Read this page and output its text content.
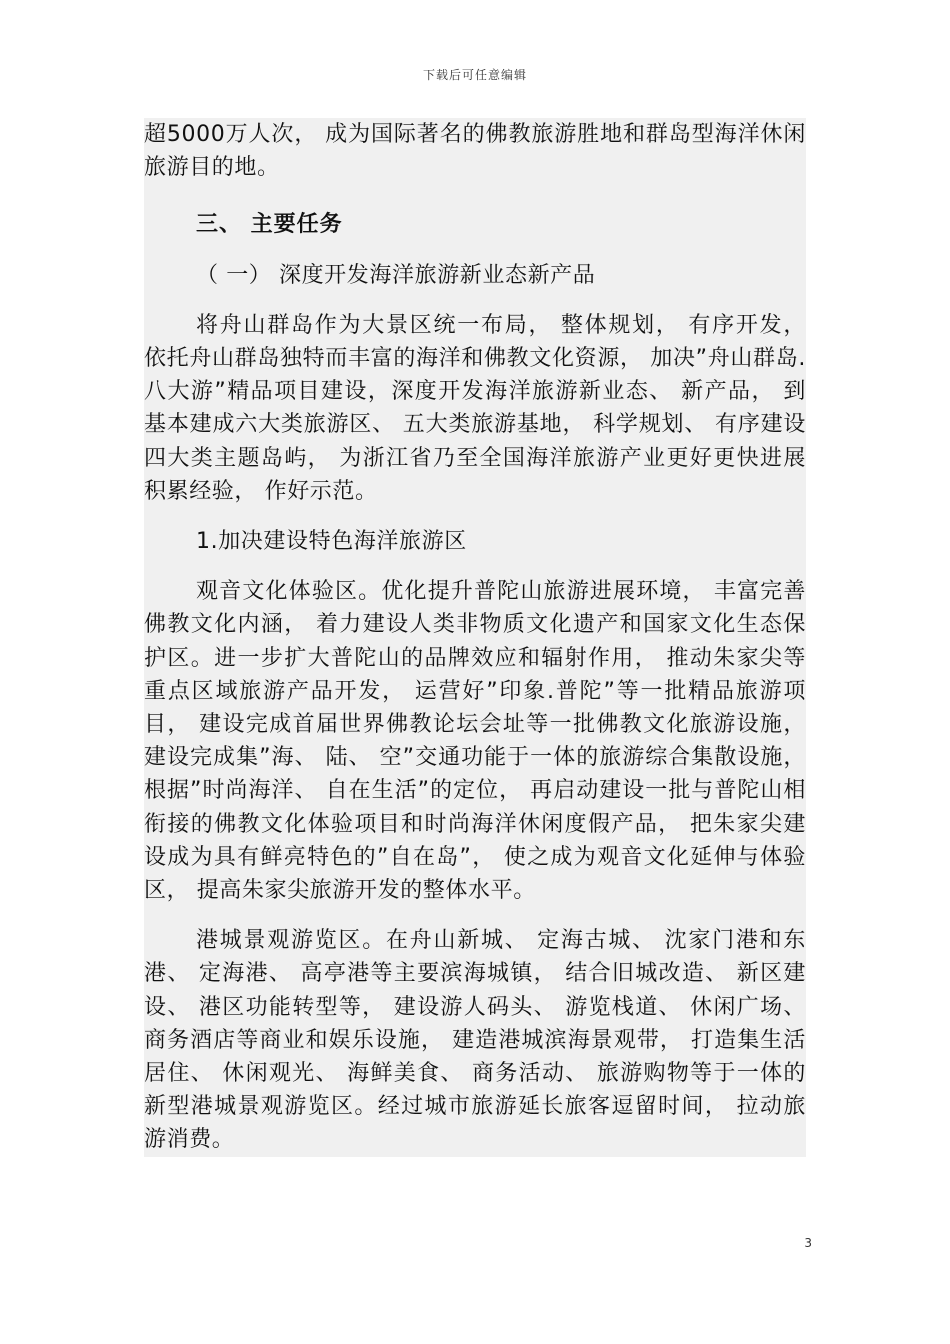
下载后可任意编辑

超5000万人次， 成为国际著名的佛教旅游胜地和群岛型海洋休闲旅游目的地。

三、 主要任务

（ 一） 深度开发海洋旅游新业态新产品

将舟山群岛作为大景区统一布局， 整体规划， 有序开发， 依托舟山群岛独特而丰富的海洋和佛教文化资源， 加决”舟山群岛.八大游”精品项目建设，深度开发海洋旅游新业态、 新产品， 到 基本建成六大类旅游区、 五大类旅游基地， 科学规划、 有序建设四大类主题岛屿， 为浙江省乃至全国海洋旅游产业更好更快进展积累经验， 作好示范。

1.加决建设特色海洋旅游区

观音文化体验区。优化提升普陀山旅游进展环境， 丰富完善佛教文化内涵， 着力建设人类非物质文化遗产和国家文化生态保护区。进一步扩大普陀山的品牌效应和辐射作用， 推动朱家尖等重点区域旅游产品开发， 运营好”印象.普陀”等一批精品旅游项目， 建设完成首届世界佛教论坛会址等一批佛教文化旅游设施， 建设完成集”海、 陆、 空”交通功能于一体的旅游综合集散设施， 根据”时尚海洋、 自在生活”的定位， 再启动建设一批与普陀山相衔接的佛教文化体验项目和时尚海洋休闲度假产品， 把朱家尖建设成为具有鲜亮特色的”自在岛”， 使之成为观音文化延伸与体验区， 提高朱家尖旅游开发的整体水平。

港城景观游览区。在舟山新城、 定海古城、 沈家门港和东港、 定海港、 高亭港等主要滨海城镇， 结合旧城改造、 新区建设、 港区功能转型等， 建设游人码头、 游览栈道、 休闲广场、 商务酒店等商业和娱乐设施， 建造港城滨海景观带， 打造集生活居住、 休闲观光、 海鲜美食、 商务活动、 旅游购物等于一体的新型港城景观游览区。经过城市旅游延长旅客逗留时间， 拉动旅游消费。

3
